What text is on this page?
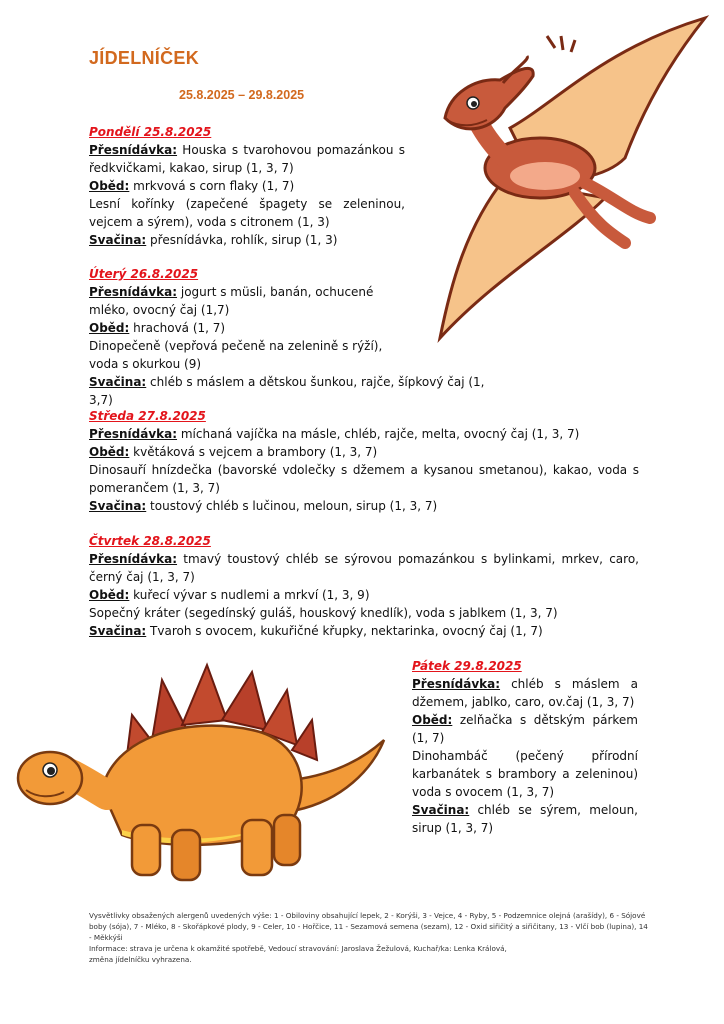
JÍDELNÍČEK
25.8.2025 – 29.8.2025

Pondělí 25.8.2025

Přesnídávka: Houska s tvarohovou pomazánkou s ředkvičkami, kakao, sirup (1, 3, 7)

Oběd: mrkvová s corn flaky (1, 7)

Lesní kořínky (zapečené špagety se zeleninou, vejcem a sýrem), voda s citronem (1, 3)

Svačina: přesnídávka, rohlík, sirup (1, 3)

Úterý 26.8.2025

Přesnídávka: jogurt s müsli, banán, ochucené mléko, ovocný čaj (1,7)

Oběd: hrachová (1, 7)

Dinopečeně (vepřová pečeně na zelenině s rýží), voda s okurkou (9)

Svačina: chléb s máslem a dětskou šunkou, rajče, šípkový čaj (1, 3,7)

Středa 27.8.2025

Přesnídávka: míchaná vajíčka na másle, chléb, rajče, melta, ovocný čaj (1, 3, 7)

Oběd: květáková s vejcem a brambory (1, 3, 7)

Dinosauří hnízdečka (bavorské vdolečky s džemem a kysanou smetanou), kakao, voda s pomerančem (1, 3, 7)

Svačina: toustový chléb s lučinou, meloun, sirup (1, 3, 7)

Čtvrtek 28.8.2025

Přesnídávka: tmavý toustový chléb se sýrovou pomazánkou s bylinkami, mrkev, caro, černý čaj (1, 3, 7)

Oběd: kuřecí vývar s nudlemi a mrkví (1, 3, 9)

Sopečný kráter (segedínský guláš, houskový knedlík), voda s jablkem (1, 3, 7)

Svačina: Tvaroh s ovocem, kukuřičné křupky, nektarinka, ovocný čaj (1, 7)

Pátek 29.8.2025

Přesnídávka: chléb s máslem a džemem, jablko, caro, ov.čaj (1, 3, 7)

Oběd: zelňačka s dětským párkem (1, 7)

Dinohambáč (pečený přírodní karbanátek s brambory a zeleninou) voda s ovocem (1, 3, 7)

Svačina: chléb se sýrem, meloun, sirup (1, 3, 7)

Vysvětlivky obsažených alergenů uvedených výše: 1 - Obiloviny obsahující lepek, 2 - Korýši, 3 - Vejce, 4 - Ryby, 5 - Podzemnice olejná (arašídy), 6 - Sójové boby (sója), 7 - Mléko, 8 - Skořápkové plody, 9 - Celer, 10 - Hořčice, 11 - Sezamová semena (sezam), 12 - Oxid siřičitý a siřičitany, 13 - Vlčí bob (lupina), 14 - Měkkýši

Informace: strava je určena k okamžité spotřebě, Vedoucí stravování: Jaroslava Žežulová, Kuchař/ka: Lenka Králová,

změna jídelníčku vyhrazena.
